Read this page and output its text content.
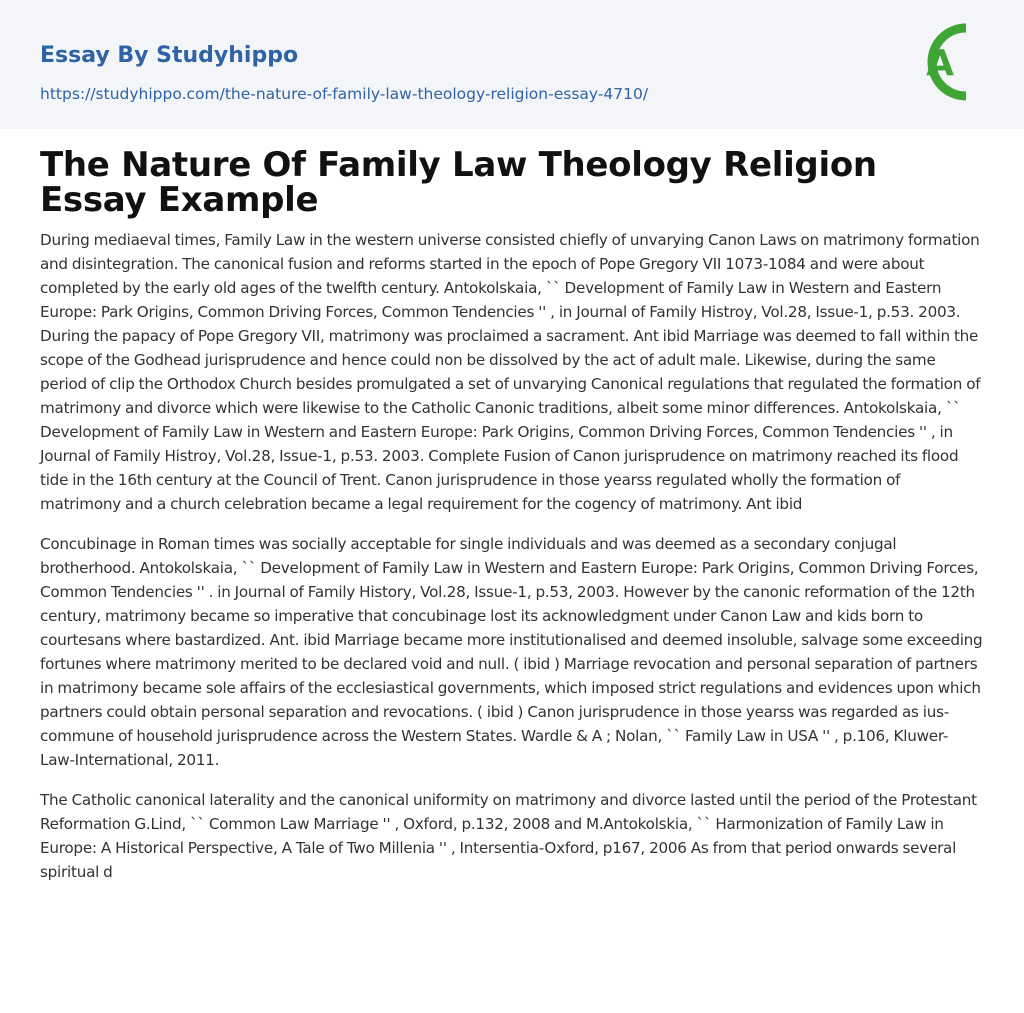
Essay By Studyhippo
https://studyhippo.com/the-nature-of-family-law-theology-religion-essay-4710/
A
The Nature Of Family Law Theology Religion Essay Example

During mediaeval times, Family Law in the western universe consisted chiefly of unvarying Canon Laws on matrimony formation and disintegration. The canonical fusion and reforms started in the epoch of Pope Gregory VII 1073-1084 and were about completed by the early old ages of the twelfth century. Antokolskaia, `` Development of Family Law in Western and Eastern Europe: Park Origins, Common Driving Forces, Common Tendencies '' , in Journal of Family Histroy, Vol.28, Issue-1, p.53. 2003. During the papacy of Pope Gregory VII, matrimony was proclaimed a sacrament. Ant ibid Marriage was deemed to fall within the scope of the Godhead jurisprudence and hence could non be dissolved by the act of adult male. Likewise, during the same period of clip the Orthodox Church besides promulgated a set of unvarying Canonical regulations that regulated the formation of matrimony and divorce which were likewise to the Catholic Canonic traditions, albeit some minor differences. Antokolskaia, `` Development of Family Law in Western and Eastern Europe: Park Origins, Common Driving Forces, Common Tendencies '' , in Journal of Family Histroy, Vol.28, Issue-1, p.53. 2003. Complete Fusion of Canon jurisprudence on matrimony reached its flood tide in the 16th century at the Council of Trent. Canon jurisprudence in those yearss regulated wholly the formation of matrimony and a church celebration became a legal requirement for the cogency of matrimony. Ant ibid

Concubinage in Roman times was socially acceptable for single individuals and was deemed as a secondary conjugal brotherhood. Antokolskaia, `` Development of Family Law in Western and Eastern Europe: Park Origins, Common Driving Forces, Common Tendencies '' . in Journal of Family History, Vol.28, Issue-1, p.53, 2003. However by the canonic reformation of the 12th century, matrimony became so imperative that concubinage lost its acknowledgment under Canon Law and kids born to courtesans where bastardized. Ant. ibid Marriage became more institutionalised and deemed insoluble, salvage some exceeding fortunes where matrimony merited to be declared void and null. ( ibid ) Marriage revocation and personal separation of partners in matrimony became sole affairs of the ecclesiastical governments, which imposed strict regulations and evidences upon which partners could obtain personal separation and revocations. ( ibid ) Canon jurisprudence in those yearss was regarded as ius-commune of household jurisprudence across the Western States. Wardle & A ; Nolan, `` Family Law in USA '' , p.106, Kluwer- Law-International, 2011.

The Catholic canonical laterality and the canonical uniformity on matrimony and divorce lasted until the period of the Protestant Reformation G.Lind, `` Common Law Marriage '' , Oxford, p.132, 2008 and M.Antokolskia, `` Harmonization of Family Law in Europe: A Historical Perspective, A Tale of Two Millenia '' , Intersentia-Oxford, p167, 2006 As from that period onwards several spiritual d
